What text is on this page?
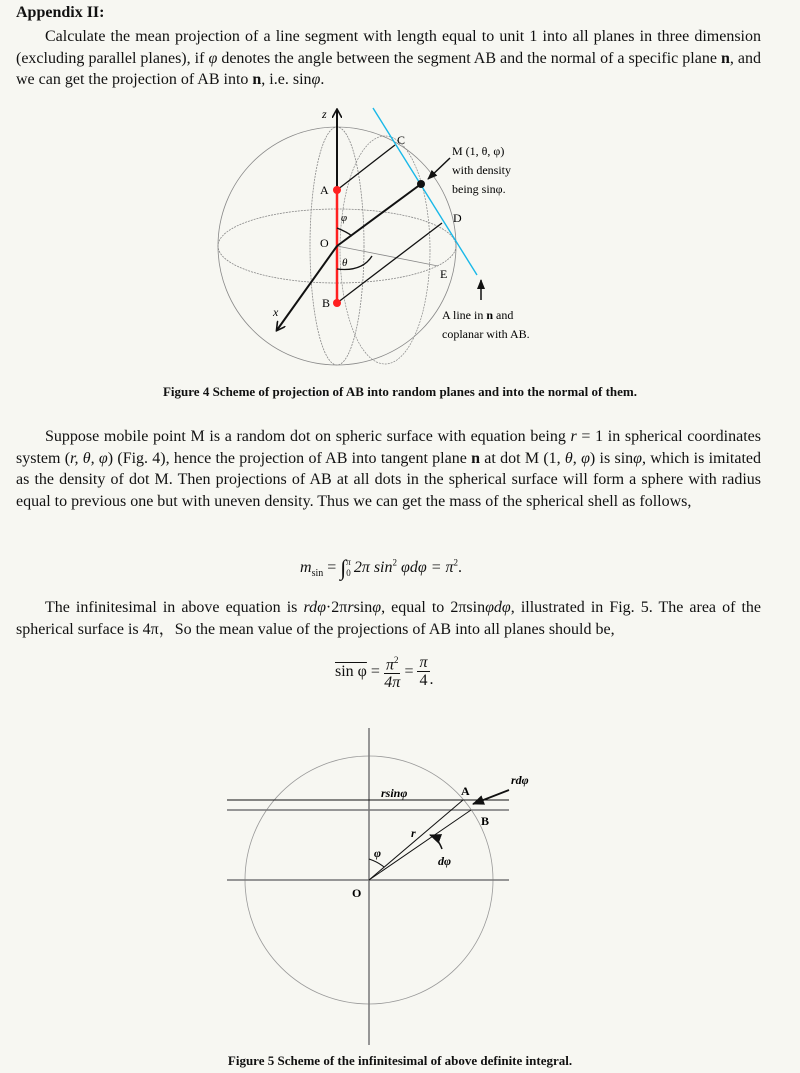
Appendix II:
Calculate the mean projection of a line segment with length equal to unit 1 into all planes in three dimension (excluding parallel planes), if φ denotes the angle between the segment AB and the normal of a specific plane n, and we can get the projection of AB into n, i.e. sinφ.
z
A
φ
O
θ
B
x
C
D
E
M (1, θ, φ)
with density
being sinφ.
A line in n and
coplanar with AB.
Figure 4 Scheme of projection of AB into random planes and into the normal of them.
Suppose mobile point M is a random dot on spheric surface with equation being r = 1 in spherical coordinates system (r, θ, φ) (Fig. 4), hence the projection of AB into tangent plane n at dot M (1, θ, φ) is sinφ, which is imitated as the density of dot M. Then projections of AB at all dots in the spherical surface will form a sphere with radius equal to previous one but with uneven density. Thus we can get the mass of the spherical shell as follows,
$m_{sin} = \int\pi$
0 2π $\sin^2 \varphi d\varphi = \pi^2$.
The infinitesimal in above equation is rdφ·2πrsinφ, equal to 2πsinφdφ, illustrated in Fig. 5. The area of the spherical surface is 4π，So the mean value of the projections of AB into all planes should be,
$\sin \varphi = \frac{\pi^2}{4\pi} = \frac{\pi}{4}$ .
rsinφ	A
B
rdφ
r
φ
dφ
O
Figure 5 Scheme of the infinitesimal of above definite integral.
